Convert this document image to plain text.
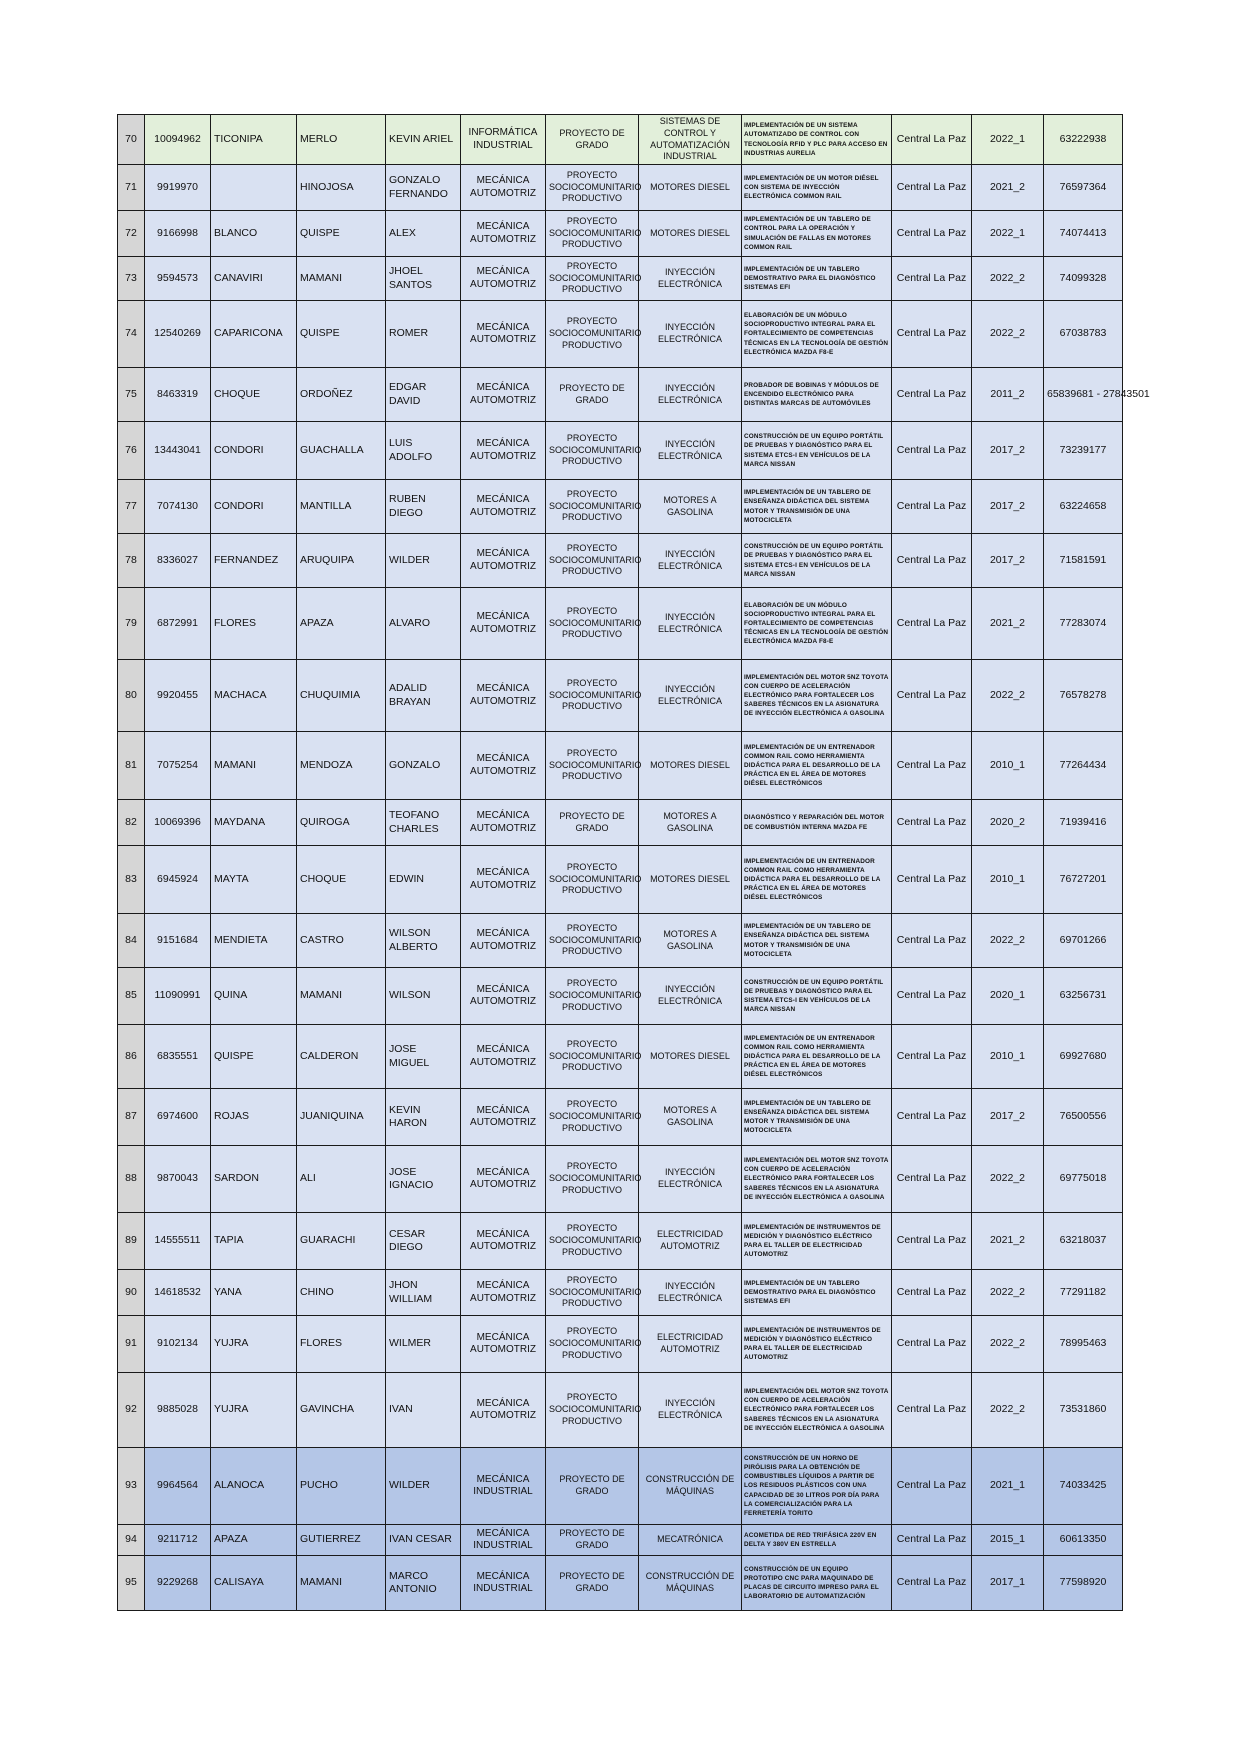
70	10094962	TICONIPA	MERLO	KEVIN ARIEL	INFORMÁTICA INDUSTRIAL	PROYECTO DE GRADO	SISTEMAS DE CONTROL Y AUTOMATIZACIÓN INDUSTRIAL	IMPLEMENTACIÓN DE UN SISTEMA AUTOMATIZADO DE CONTROL CON TECNOLOGÍA RFID Y PLC PARA ACCESO EN INDUSTRIAS AURELIA	Central La Paz	2022_1	63222938
71	9919970		HINOJOSA	GONZALO FERNANDO	MECÁNICA AUTOMOTRIZ	PROYECTO SOCIOCOMUNITARIO PRODUCTIVO	MOTORES DIESEL	IMPLEMENTACIÓN DE UN MOTOR DIÉSEL CON SISTEMA DE INYECCIÓN ELECTRÓNICA COMMON RAIL	Central La Paz	2021_2	76597364
72	9166998	BLANCO	QUISPE	ALEX	MECÁNICA AUTOMOTRIZ	PROYECTO SOCIOCOMUNITARIO PRODUCTIVO	MOTORES DIESEL	IMPLEMENTACIÓN DE UN TABLERO DE CONTROL PARA LA OPERACIÓN Y SIMULACIÓN DE FALLAS EN MOTORES COMMON RAIL	Central La Paz	2022_1	74074413
73	9594573	CANAVIRI	MAMANI	JHOEL SANTOS	MECÁNICA AUTOMOTRIZ	PROYECTO SOCIOCOMUNITARIO PRODUCTIVO	INYECCIÓN ELECTRÓNICA	IMPLEMENTACIÓN DE UN TABLERO DEMOSTRATIVO PARA EL DIAGNÓSTICO SISTEMAS EFI	Central La Paz	2022_2	74099328
74	12540269	CAPARICONA	QUISPE	ROMER	MECÁNICA AUTOMOTRIZ	PROYECTO SOCIOCOMUNITARIO PRODUCTIVO	INYECCIÓN ELECTRÓNICA	ELABORACIÓN DE UN MÓDULO SOCIOPRODUCTIVO INTEGRAL PARA EL FORTALECIMIENTO DE COMPETENCIAS TÉCNICAS EN LA TECNOLOGÍA DE GESTIÓN ELECTRÓNICA MAZDA F8-E	Central La Paz	2022_2	67038783
75	8463319	CHOQUE	ORDOÑEZ	EDGAR DAVID	MECÁNICA AUTOMOTRIZ	PROYECTO DE GRADO	INYECCIÓN ELECTRÓNICA	PROBADOR DE BOBINAS Y MÓDULOS DE ENCENDIDO ELECTRÓNICO PARA DISTINTAS MARCAS DE AUTOMÓVILES	Central La Paz	2011_2	65839681 - 27843501
76	13443041	CONDORI	GUACHALLA	LUIS ADOLFO	MECÁNICA AUTOMOTRIZ	PROYECTO SOCIOCOMUNITARIO PRODUCTIVO	INYECCIÓN ELECTRÓNICA	CONSTRUCCIÓN DE UN EQUIPO PORTÁTIL DE PRUEBAS Y DIAGNÓSTICO PARA EL SISTEMA ETCS-I EN VEHÍCULOS DE LA MARCA NISSAN	Central La Paz	2017_2	73239177
77	7074130	CONDORI	MANTILLA	RUBEN DIEGO	MECÁNICA AUTOMOTRIZ	PROYECTO SOCIOCOMUNITARIO PRODUCTIVO	MOTORES A GASOLINA	IMPLEMENTACIÓN DE UN TABLERO DE ENSEÑANZA DIDÁCTICA DEL SISTEMA MOTOR Y TRANSMISIÓN DE UNA MOTOCICLETA	Central La Paz	2017_2	63224658
78	8336027	FERNANDEZ	ARUQUIPA	WILDER	MECÁNICA AUTOMOTRIZ	PROYECTO SOCIOCOMUNITARIO PRODUCTIVO	INYECCIÓN ELECTRÓNICA	CONSTRUCCIÓN DE UN EQUIPO PORTÁTIL DE PRUEBAS Y DIAGNÓSTICO PARA EL SISTEMA ETCS-I EN VEHÍCULOS DE LA MARCA NISSAN	Central La Paz	2017_2	71581591
79	6872991	FLORES	APAZA	ALVARO	MECÁNICA AUTOMOTRIZ	PROYECTO SOCIOCOMUNITARIO PRODUCTIVO	INYECCIÓN ELECTRÓNICA	ELABORACIÓN DE UN MÓDULO SOCIOPRODUCTIVO INTEGRAL PARA EL FORTALECIMIENTO DE COMPETENCIAS TÉCNICAS EN LA TECNOLOGÍA DE GESTIÓN ELECTRÓNICA MAZDA F8-E	Central La Paz	2021_2	77283074
80	9920455	MACHACA	CHUQUIMIA	ADALID BRAYAN	MECÁNICA AUTOMOTRIZ	PROYECTO SOCIOCOMUNITARIO PRODUCTIVO	INYECCIÓN ELECTRÓNICA	IMPLEMENTACIÓN DEL MOTOR 5NZ TOYOTA CON CUERPO DE ACELERACIÓN ELECTRÓNICO PARA FORTALECER LOS SABERES TÉCNICOS EN LA ASIGNATURA DE INYECCIÓN ELECTRÓNICA A GASOLINA	Central La Paz	2022_2	76578278
81	7075254	MAMANI	MENDOZA	GONZALO	MECÁNICA AUTOMOTRIZ	PROYECTO SOCIOCOMUNITARIO PRODUCTIVO	MOTORES DIESEL	IMPLEMENTACIÓN DE UN ENTRENADOR COMMON RAIL COMO HERRAMIENTA DIDÁCTICA PARA EL DESARROLLO DE LA PRÁCTICA EN EL ÁREA DE MOTORES DIÉSEL ELECTRÓNICOS	Central La Paz	2010_1	77264434
82	10069396	MAYDANA	QUIROGA	TEOFANO CHARLES	MECÁNICA AUTOMOTRIZ	PROYECTO DE GRADO	MOTORES A GASOLINA	DIAGNÓSTICO Y REPARACIÓN DEL MOTOR DE COMBUSTIÓN INTERNA MAZDA FE	Central La Paz	2020_2	71939416
83	6945924	MAYTA	CHOQUE	EDWIN	MECÁNICA AUTOMOTRIZ	PROYECTO SOCIOCOMUNITARIO PRODUCTIVO	MOTORES DIESEL	IMPLEMENTACIÓN DE UN ENTRENADOR COMMON RAIL COMO HERRAMIENTA DIDÁCTICA PARA EL DESARROLLO DE LA PRÁCTICA EN EL ÁREA DE MOTORES DIÉSEL ELECTRÓNICOS	Central La Paz	2010_1	76727201
84	9151684	MENDIETA	CASTRO	WILSON ALBERTO	MECÁNICA AUTOMOTRIZ	PROYECTO SOCIOCOMUNITARIO PRODUCTIVO	MOTORES A GASOLINA	IMPLEMENTACIÓN DE UN TABLERO DE ENSEÑANZA DIDÁCTICA DEL SISTEMA MOTOR Y TRANSMISIÓN DE UNA MOTOCICLETA	Central La Paz	2022_2	69701266
85	11090991	QUINA	MAMANI	WILSON	MECÁNICA AUTOMOTRIZ	PROYECTO SOCIOCOMUNITARIO PRODUCTIVO	INYECCIÓN ELECTRÓNICA	CONSTRUCCIÓN DE UN EQUIPO PORTÁTIL DE PRUEBAS Y DIAGNÓSTICO PARA EL SISTEMA ETCS-I EN VEHÍCULOS DE LA MARCA NISSAN	Central La Paz	2020_1	63256731
86	6835551	QUISPE	CALDERON	JOSE MIGUEL	MECÁNICA AUTOMOTRIZ	PROYECTO SOCIOCOMUNITARIO PRODUCTIVO	MOTORES DIESEL	IMPLEMENTACIÓN DE UN ENTRENADOR COMMON RAIL COMO HERRAMIENTA DIDÁCTICA PARA EL DESARROLLO DE LA PRÁCTICA EN EL ÁREA DE MOTORES DIÉSEL ELECTRÓNICOS	Central La Paz	2010_1	69927680
87	6974600	ROJAS	JUANIQUINA	KEVIN HARON	MECÁNICA AUTOMOTRIZ	PROYECTO SOCIOCOMUNITARIO PRODUCTIVO	MOTORES A GASOLINA	IMPLEMENTACIÓN DE UN TABLERO DE ENSEÑANZA DIDÁCTICA DEL SISTEMA MOTOR Y TRANSMISIÓN DE UNA MOTOCICLETA	Central La Paz	2017_2	76500556
88	9870043	SARDON	ALI	JOSE IGNACIO	MECÁNICA AUTOMOTRIZ	PROYECTO SOCIOCOMUNITARIO PRODUCTIVO	INYECCIÓN ELECTRÓNICA	IMPLEMENTACIÓN DEL MOTOR 5NZ TOYOTA CON CUERPO DE ACELERACIÓN ELECTRÓNICO PARA FORTALECER LOS SABERES TÉCNICOS EN LA ASIGNATURA DE INYECCIÓN ELECTRÓNICA A GASOLINA	Central La Paz	2022_2	69775018
89	14555511	TAPIA	GUARACHI	CESAR DIEGO	MECÁNICA AUTOMOTRIZ	PROYECTO SOCIOCOMUNITARIO PRODUCTIVO	ELECTRICIDAD AUTOMOTRIZ	IMPLEMENTACIÓN DE INSTRUMENTOS DE MEDICIÓN Y DIAGNÓSTICO ELÉCTRICO PARA EL TALLER DE ELECTRICIDAD AUTOMOTRIZ	Central La Paz	2021_2	63218037
90	14618532	YANA	CHINO	JHON WILLIAM	MECÁNICA AUTOMOTRIZ	PROYECTO SOCIOCOMUNITARIO PRODUCTIVO	INYECCIÓN ELECTRÓNICA	IMPLEMENTACIÓN DE UN TABLERO DEMOSTRATIVO PARA EL DIAGNÓSTICO SISTEMAS EFI	Central La Paz	2022_2	77291182
91	9102134	YUJRA	FLORES	WILMER	MECÁNICA AUTOMOTRIZ	PROYECTO SOCIOCOMUNITARIO PRODUCTIVO	ELECTRICIDAD AUTOMOTRIZ	IMPLEMENTACIÓN DE INSTRUMENTOS DE MEDICIÓN Y DIAGNÓSTICO ELÉCTRICO PARA EL TALLER DE ELECTRICIDAD AUTOMOTRIZ	Central La Paz	2022_2	78995463
92	9885028	YUJRA	GAVINCHA	IVAN	MECÁNICA AUTOMOTRIZ	PROYECTO SOCIOCOMUNITARIO PRODUCTIVO	INYECCIÓN ELECTRÓNICA	IMPLEMENTACIÓN DEL MOTOR 5NZ TOYOTA CON CUERPO DE ACELERACIÓN ELECTRÓNICO PARA FORTALECER LOS SABERES TÉCNICOS EN LA ASIGNATURA DE INYECCIÓN ELECTRÓNICA A GASOLINA	Central La Paz	2022_2	73531860
93	9964564	ALANOCA	PUCHO	WILDER	MECÁNICA INDUSTRIAL	PROYECTO DE GRADO	CONSTRUCCIÓN DE MÁQUINAS	CONSTRUCCIÓN DE UN HORNO DE PIRÓLISIS PARA LA OBTENCIÓN DE COMBUSTIBLES LÍQUIDOS A PARTIR DE LOS RESIDUOS PLÁSTICOS CON UNA CAPACIDAD DE 30 LITROS POR DÍA PARA LA COMERCIALIZACIÓN PARA LA FERRETERÍA TORITO	Central La Paz	2021_1	74033425
94	9211712	APAZA	GUTIERREZ	IVAN CESAR	MECÁNICA INDUSTRIAL	PROYECTO DE GRADO	MECATRÓNICA	ACOMETIDA DE RED TRIFÁSICA 220V EN DELTA Y 380V EN ESTRELLA	Central La Paz	2015_1	60613350
95	9229268	CALISAYA	MAMANI	MARCO ANTONIO	MECÁNICA INDUSTRIAL	PROYECTO DE GRADO	CONSTRUCCIÓN DE MÁQUINAS	CONSTRUCCIÓN DE UN EQUIPO PROTOTIPO CNC PARA MAQUINADO DE PLACAS DE CIRCUITO IMPRESO PARA EL LABORATORIO DE AUTOMATIZACIÓN	Central La Paz	2017_1	77598920
